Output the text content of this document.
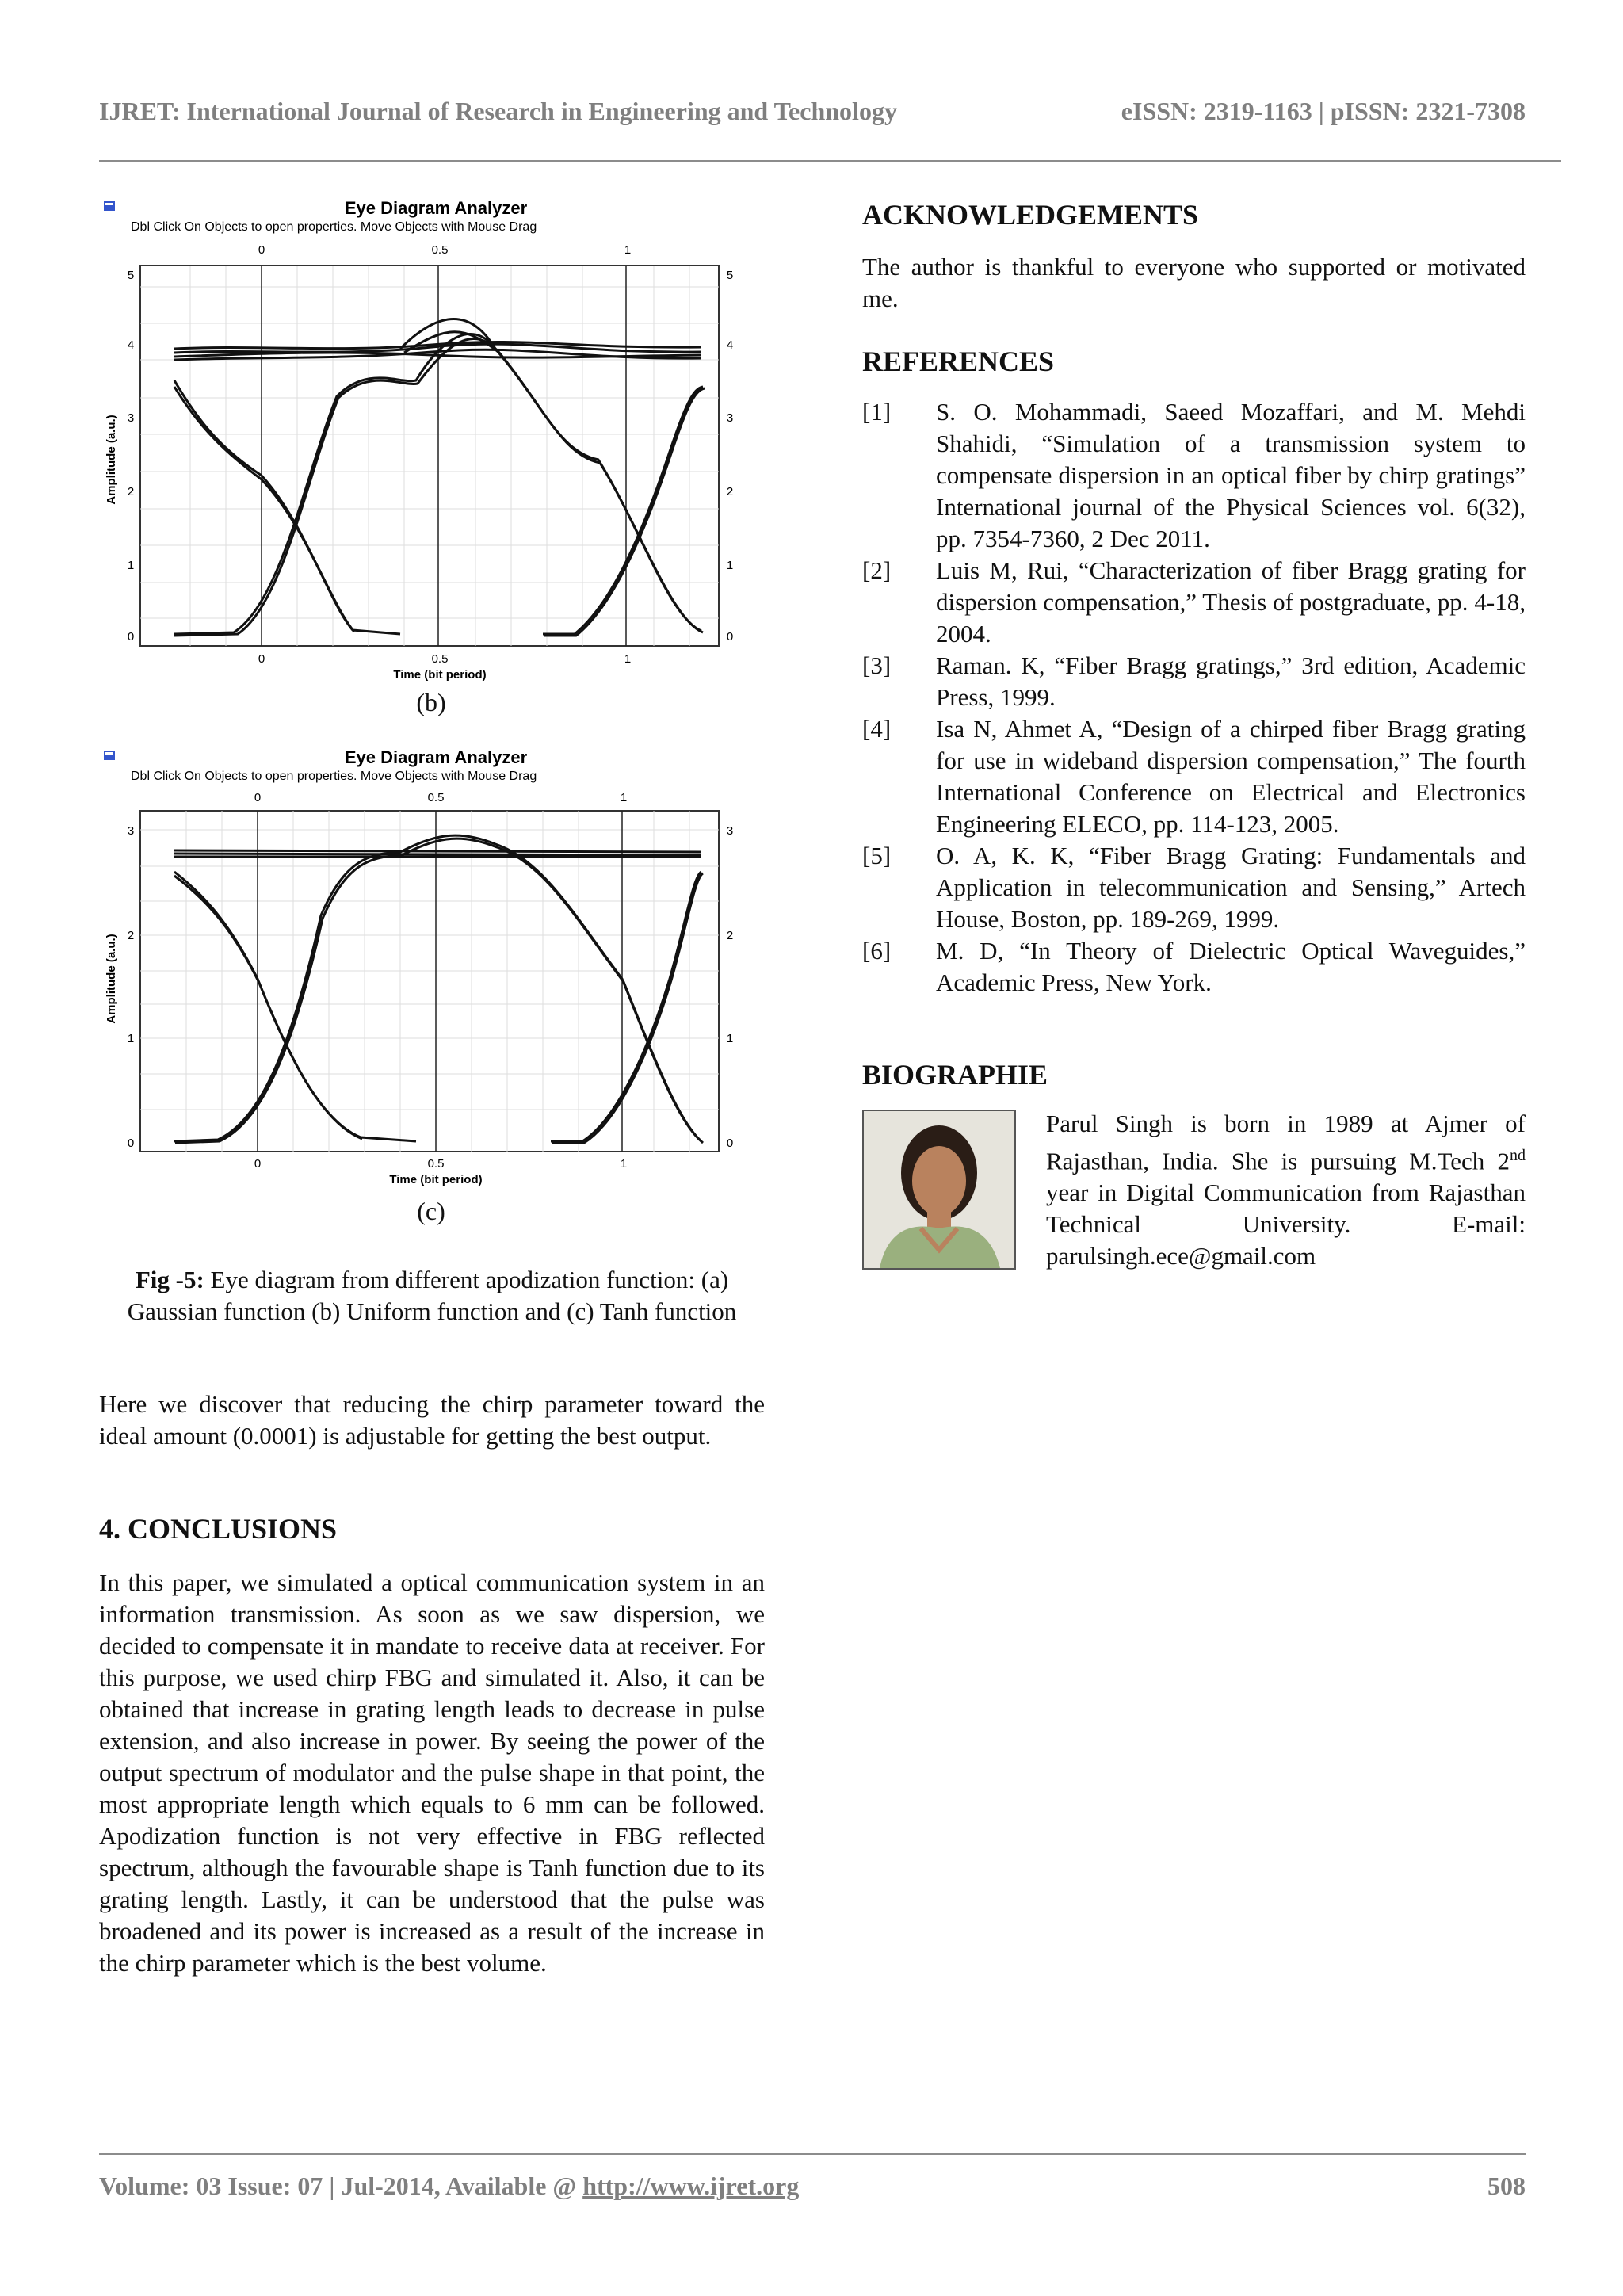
IJRET: International Journal of Research in Engineering and Technology	eISSN: 2319-1163 | pISSN: 2321-7308
Eye Diagram Analyzer
Dbl Click On Objects to open properties. Move Objects with Mouse Drag
0	0.5	1
0
1
2
3
4
5
0
1
2
3
4
5
Amplitude (a.u.)
0	0.5	1
Time (bit period)
(b)
Eye Diagram Analyzer
Dbl Click On Objects to open properties. Move Objects with Mouse Drag
0	0.5	1
0
1
2
3
0
1
2
3
Amplitude (a.u.)
0	0.5	1
Time (bit period)
(c)
Fig -5: Eye diagram from different apodization function: (a) Gaussian function (b) Uniform function and (c) Tanh function
Here we discover that reducing the chirp parameter toward the ideal amount (0.0001) is adjustable for getting the best output.
4. CONCLUSIONS
In this paper, we simulated a optical communication system in an information transmission. As soon as we saw dispersion, we decided to compensate it in mandate to receive data at receiver. For this purpose, we used chirp FBG and simulated it. Also, it can be obtained that increase in grating length leads to decrease in pulse extension, and also increase in power. By seeing the power of the output spectrum of modulator and the pulse shape in that point, the most appropriate length which equals to 6 mm can be followed. Apodization function is not very effective in FBG reflected spectrum, although the favourable shape is Tanh function due to its grating length. Lastly, it can be understood that the pulse was broadened and its power is increased as a result of the increase in the chirp parameter which is the best volume.
ACKNOWLEDGEMENTS
The author is thankful to everyone who supported or motivated me.
REFERENCES
[1] S. O. Mohammadi, Saeed Mozaffari, and M. Mehdi Shahidi, “Simulation of a transmission system to compensate dispersion in an optical fiber by chirp gratings” International journal of the Physical Sciences vol. 6(32), pp. 7354-7360, 2 Dec 2011.
[2] Luis M, Rui, “Characterization of fiber Bragg grating for dispersion compensation,” Thesis of postgraduate, pp. 4-18, 2004.
[3] Raman. K, “Fiber Bragg gratings,” 3rd edition, Academic Press, 1999.
[4] Isa N, Ahmet A, “Design of a chirped fiber Bragg grating for use in wideband dispersion compensation,” The fourth International Conference on Electrical and Electronics Engineering ELECO, pp. 114-123, 2005.
[5] O. A, K. K, “Fiber Bragg Grating: Fundamentals and Application in telecommunication and Sensing,” Artech House, Boston, pp. 189-269, 1999.
[6] M. D, “In Theory of Dielectric Optical Waveguides,” Academic Press, New York.
BIOGRAPHIE
Parul Singh is born in 1989 at Ajmer of Rajasthan, India. She is pursuing M.Tech 2nd year in Digital Communication from Rajasthan Technical University. E-mail: parulsingh.ece@gmail.com
Volume: 03 Issue: 07 | Jul-2014, Available @ http://www.ijret.org	508
